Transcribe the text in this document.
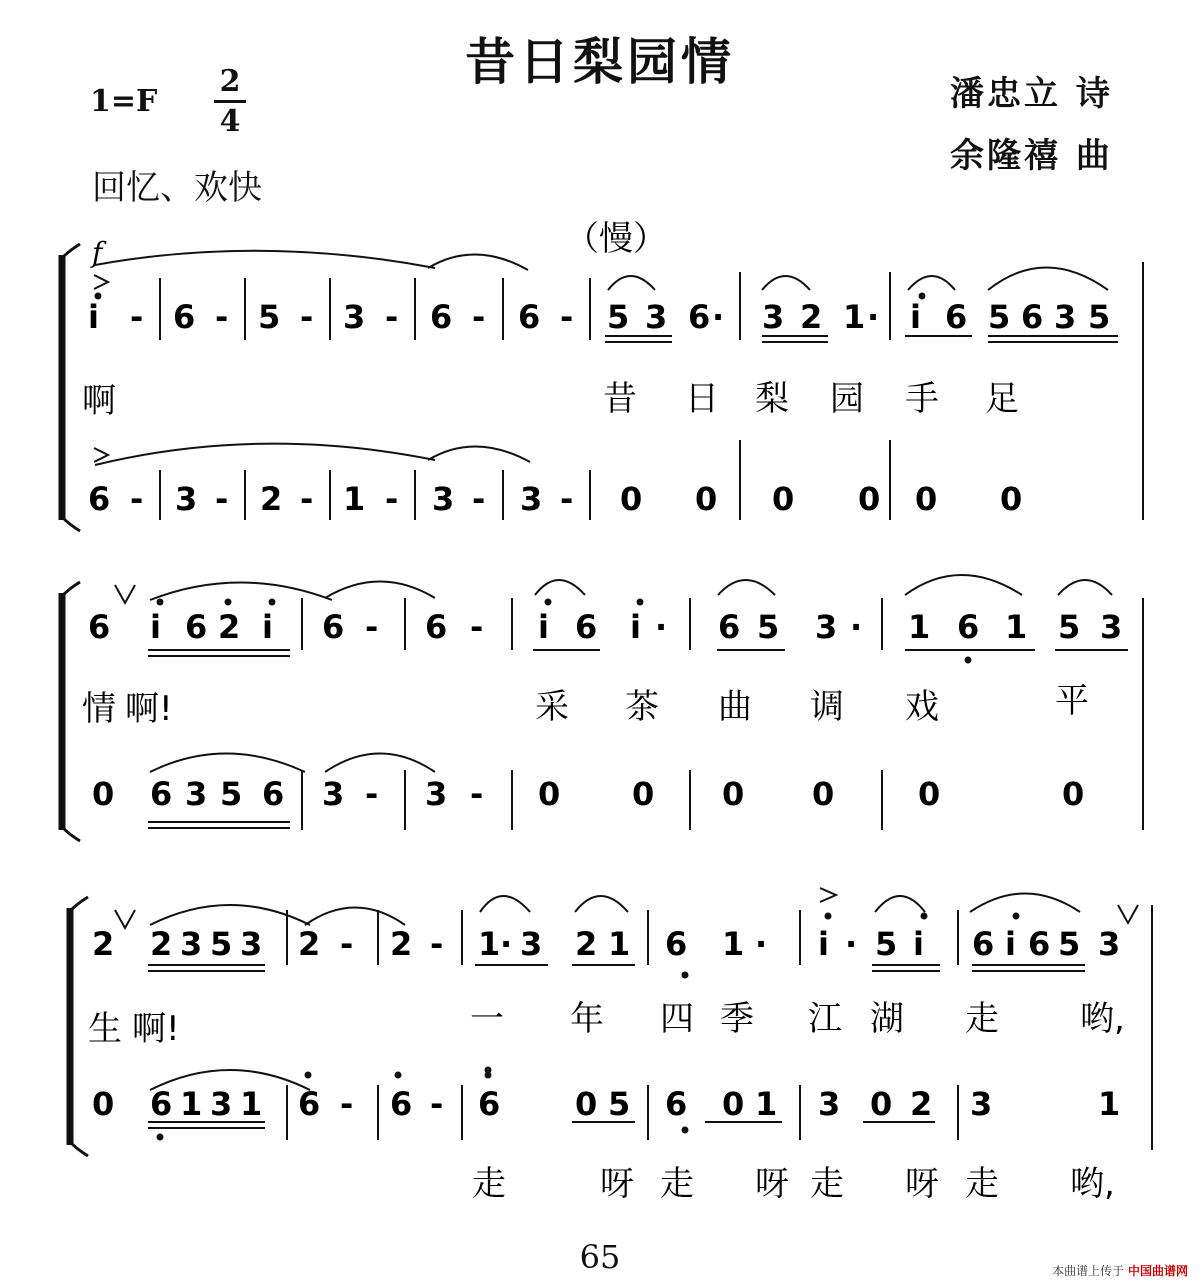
昔日梨园情
1=F
2
4
回忆、欢快
潘忠立 诗
余隆禧 曲
f	（慢）
i - 6 - 5 - 3 - 6 - 6 - 5 3 6 · 3 2 1 · i 6 5 6 3 5
啊	昔 日 梨 园 手 足
6 - 3 - 2 - 1 - 3 - 3 - 0 0 0 0 0 0
6 i 6 2 i 6 - 6 - i 6 i · 6 5 3 · 1 6 1 5 3
情 啊!	采 茶 曲 调 戏	平
0 6 3 5 6 3 - 3 - 0 0 0 0	0	0
2 2 3 5 3 2 - 2 - 1 · 3 2 1 6 1 · i · 5 i 6 i 6 5 3
生 啊!	一 年 四 季 江 湖 走 哟,
0 6 1 3 1 6 - 6 - 6 0 5 6 0 1 3 0 2 3	1
走	呀 走 呀 走 呀 走 哟,
65	本曲谱上传于 中国曲谱网
